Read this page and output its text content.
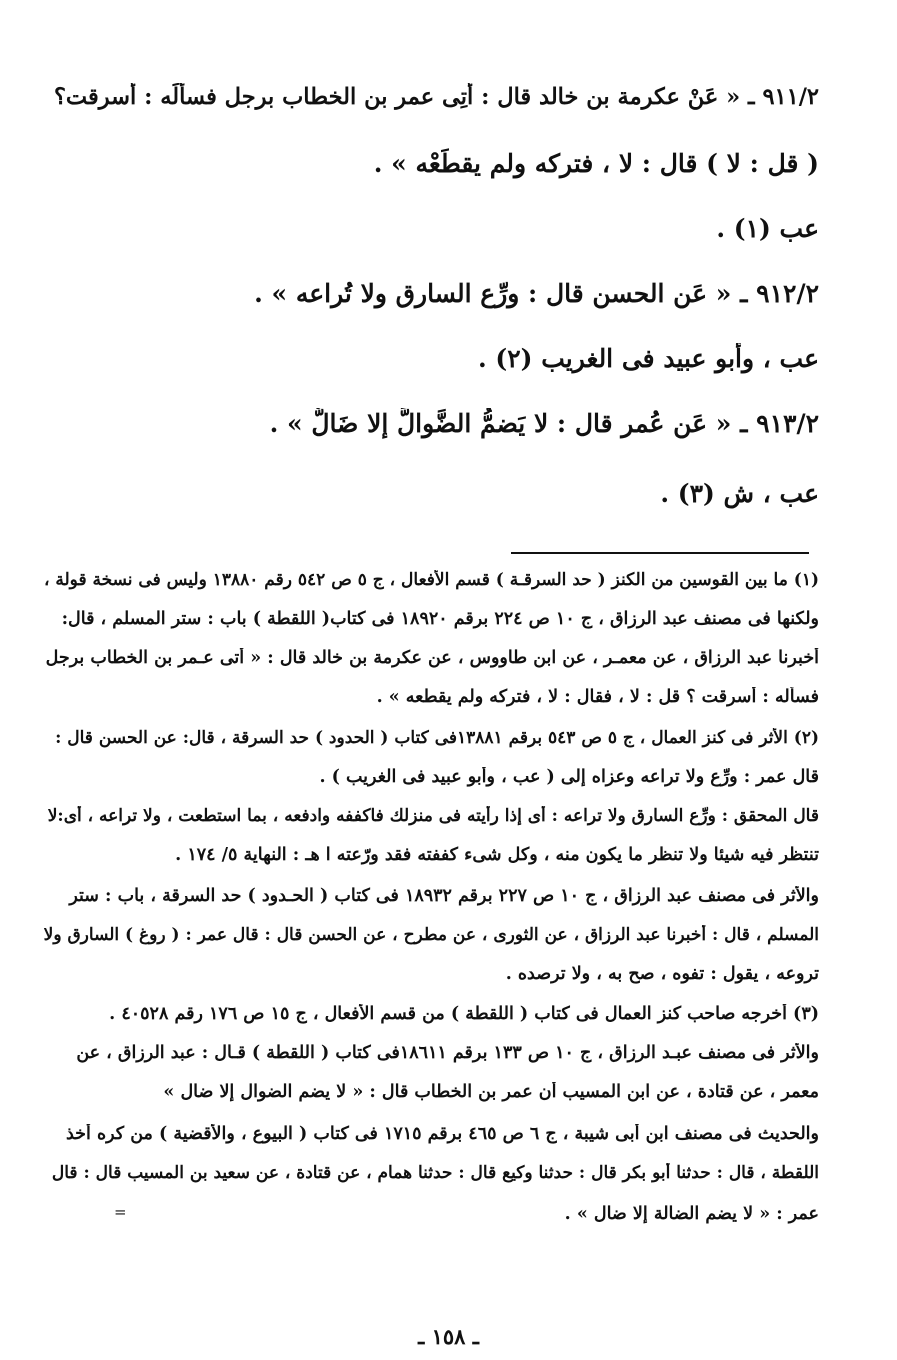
٩١١/٢ ـ « عَنْ عكرمة بن خالد قال : أُتِى عمر بن الخطاب برجل فسألَه : أسرقت؟
( قل : لا ) قال : لا ، فتركه ولم يقطَعْه » .
عب (١) .
٩١٢/٢ ـ « عَنِ الحسن قال : ورِّع السارق ولا تُراعه » .
عب ، وأبو عبيد فى الغريب (٢) .
٩١٣/٢ ـ « عَن عُمر قال : لا يَضمُّ الضَّوالَّ إلا ضَالٌّ » .
عب ، ش (٣) .
(١) ما بين القوسين من الكنز ( حد السرقـة ) قسم الأفعال ، ج ٥ ص ٥٤٢ رقم ١٣٨٨٠ وليس فى نسخة قولة ،
ولكنها فى مصنف عبد الرزاق ، ج ١٠ ص ٢٢٤ برقم ١٨٩٢٠ فى كتاب( اللقطة ) باب : ستر المسلم ، قال:
أخبرنا عبد الرزاق ، عن معمـر ، عن ابن طاووس ، عن عكرمة بن خالد قال : « أتى عـمر بن الخطاب برجل
فسأله : أسرقت ؟ قل : لا ، فقال : لا ، فتركه ولم يقطعه » .
(٢) الأثر فى كنز العمال ، ج ٥ ص ٥٤٣ برقم ١٣٨٨١فى كتاب ( الحدود ) حد السرقة ، قال: عن الحسن قال :
قال عمر : ورِّع ولا تراعه وعزاه إلى ( عب ، وأبو عبيد فى الغريب ) .
قال المحقق : ورِّع السارق ولا تراعه : أى إذا رأيته فى منزلك فاكففه وادفعه ، بما استطعت ، ولا تراعه ، أى:لا
تنتظر فيه شيئا ولا تنظر ما يكون منه ، وكل شىء كففته فقد ورّعته ا هـ : النهاية ٥/ ١٧٤ .
والأثر فى مصنف عبد الرزاق ، ج ١٠ ص ٢٢٧ برقم ١٨٩٣٢ فى كتاب ( الحـدود ) حد السرقة ، باب : ستر
المسلم ، قال : أخبرنا عبد الرزاق ، عن الثورى ، عن مطرح ، عن الحسن قال : قال عمر : ( روغ ) السارق ولا
تروعه ، يقول : تفوه ، صح به ، ولا ترصده .
(٣) أخرجه صاحب كنز العمال فى كتاب ( اللقطة ) من قسم الأفعال ، ج ١٥ ص ١٧٦ رقم ٤٠٥٢٨ .
والأثر فى مصنف عبـد الرزاق ، ج ١٠ ص ١٣٣ برقم ١٨٦١١فى كتاب ( اللقطة ) قـال : عبد الرزاق ، عن
معمر ، عن قتادة ، عن ابن المسيب أن عمر بن الخطاب قال : « لا يضم الضوال إلا ضال »
والحديث فى مصنف ابن أبى شيبة ، ج ٦ ص ٤٦٥ برقم ١٧١٥ فى كتاب ( البيوع ، والأقضية ) من كره أخذ
اللقطة ، قال : حدثنا أبو بكر قال : حدثنا وكيع قال : حدثنا همام ، عن قتادة ، عن سعيد بن المسيب قال : قال
عمر : « لا يضم الضالة إلا ضال » .
=
ـ ١٥٨ ـ
